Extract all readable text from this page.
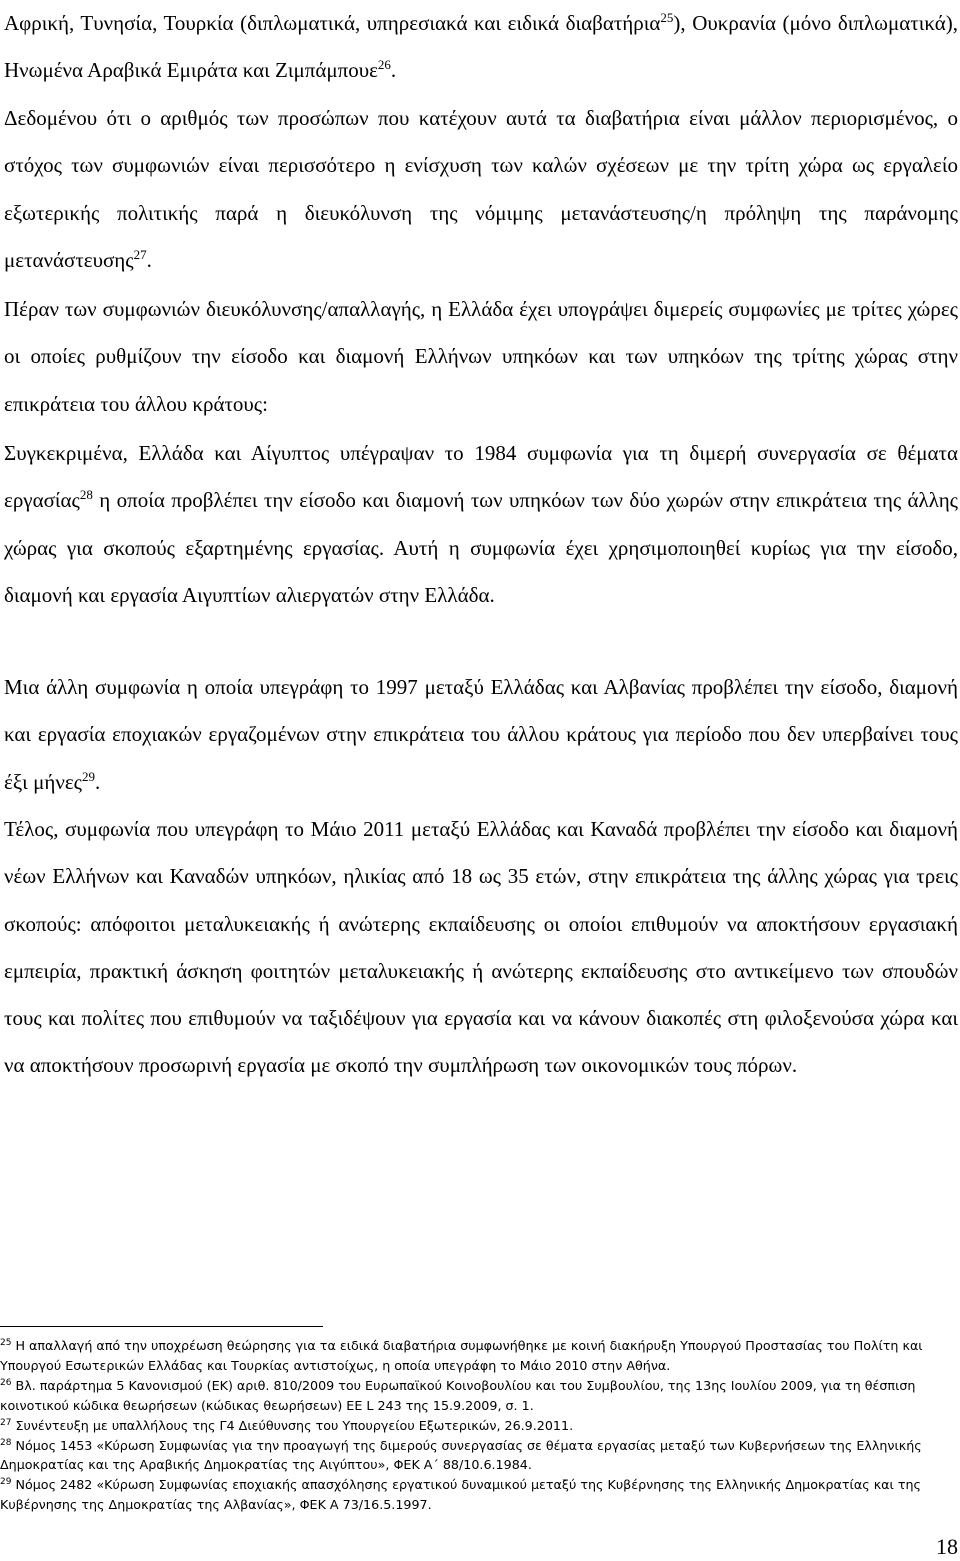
Αφρική, Τυνησία, Τουρκία (διπλωματικά, υπηρεσιακά και ειδικά διαβατήρια$^{25}$), Ουκρανία (μόνο διπλωματικά), Ηνωμένα Αραβικά Εμιράτα και Ζιμπάμπουε$^{26}$.

Δεδομένου ότι ο αριθμός των προσώπων που κατέχουν αυτά τα διαβατήρια είναι μάλλον περιορισμένος, ο στόχος των συμφωνιών είναι περισσότερο η ενίσχυση των καλών σχέσεων με την τρίτη χώρα ως εργαλείο εξωτερικής πολιτικής παρά η διευκόλυνση της νόμιμης μετανάστευσης/η πρόληψη της παράνομης μετανάστευσης$^{27}$.

Πέραν των συμφωνιών διευκόλυνσης/απαλλαγής, η Ελλάδα έχει υπογράψει διμερείς συμφωνίες με τρίτες χώρες οι οποίες ρυθμίζουν την είσοδο και διαμονή Ελλήνων υπηκόων και των υπηκόων της τρίτης χώρας στην επικράτεια του άλλου κράτους:

Συγκεκριμένα, Ελλάδα και Αίγυπτος υπέγραψαν το 1984 συμφωνία για τη διμερή συνεργασία σε θέματα εργασίας$^{28}$ η οποία προβλέπει την είσοδο και διαμονή των υπηκόων των δύο χωρών στην επικράτεια της άλλης χώρας για σκοπούς εξαρτημένης εργασίας. Αυτή η συμφωνία έχει χρησιμοποιηθεί κυρίως για την είσοδο, διαμονή και εργασία Αιγυπτίων αλιεργατών στην Ελλάδα.

Μια άλλη συμφωνία η οποία υπεγράφη το 1997 μεταξύ Ελλάδας και Αλβανίας προβλέπει την είσοδο, διαμονή και εργασία εποχιακών εργαζομένων στην επικράτεια του άλλου κράτους για περίοδο που δεν υπερβαίνει τους έξι μήνες$^{29}$.

Τέλος, συμφωνία που υπεγράφη το Μάιο 2011 μεταξύ Ελλάδας και Καναδά προβλέπει την είσοδο και διαμονή νέων Ελλήνων και Καναδών υπηκόων, ηλικίας από 18 ως 35 ετών, στην επικράτεια της άλλης χώρας για τρεις σκοπούς: απόφοιτοι μεταλυκειακής ή ανώτερης εκπαίδευσης οι οποίοι επιθυμούν να αποκτήσουν εργασιακή εμπειρία, πρακτική άσκηση φοιτητών μεταλυκειακής ή ανώτερης εκπαίδευσης στο αντικείμενο των σπουδών τους και πολίτες που επιθυμούν να ταξιδέψουν για εργασία και να κάνουν διακοπές στη φιλοξενούσα χώρα και να αποκτήσουν προσωρινή εργασία με σκοπό την συμπλήρωση των οικονομικών τους πόρων.

$^{25}$ Η απαλλαγή από την υποχρέωση θεώρησης για τα ειδικά διαβατήρια συμφωνήθηκε με κοινή διακήρυξη Υπουργού Προστασίας του Πολίτη και Υπουργού Εσωτερικών Ελλάδας και Τουρκίας αντιστοίχως, η οποία υπεγράφη το Μάιο 2010 στην Αθήνα.

$^{26}$ Βλ. παράρτημα 5 Κανονισμού (ΕΚ) αριθ. 810/2009 του Ευρωπαϊκού Κοινοβουλίου και του Συμβουλίου, της 13ης Ιουλίου 2009, για τη θέσπιση κοινοτικού κώδικα θεωρήσεων (κώδικας θεωρήσεων) ΕΕ L 243 της 15.9.2009, σ. 1.

$^{27}$ Συνέντευξη με υπαλλήλους της Γ4 Διεύθυνσης του Υπουργείου Εξωτερικών, 26.9.2011.

$^{28}$ Νόμος 1453 «Κύρωση Συμφωνίας για την προαγωγή της διμερούς συνεργασίας σε θέματα εργασίας μεταξύ των Κυβερνήσεων της Ελληνικής Δημοκρατίας και της Αραβικής Δημοκρατίας της Αιγύπτου», ΦΕΚ Α΄ 88/10.6.1984.

$^{29}$ Νόμος 2482 «Κύρωση Συμφωνίας εποχιακής απασχόλησης εργατικού δυναμικού μεταξύ της Κυβέρνησης της Ελληνικής Δημοκρατίας και της Κυβέρνησης της Δημοκρατίας της Αλβανίας», ΦΕΚ Α 73/16.5.1997.

18
